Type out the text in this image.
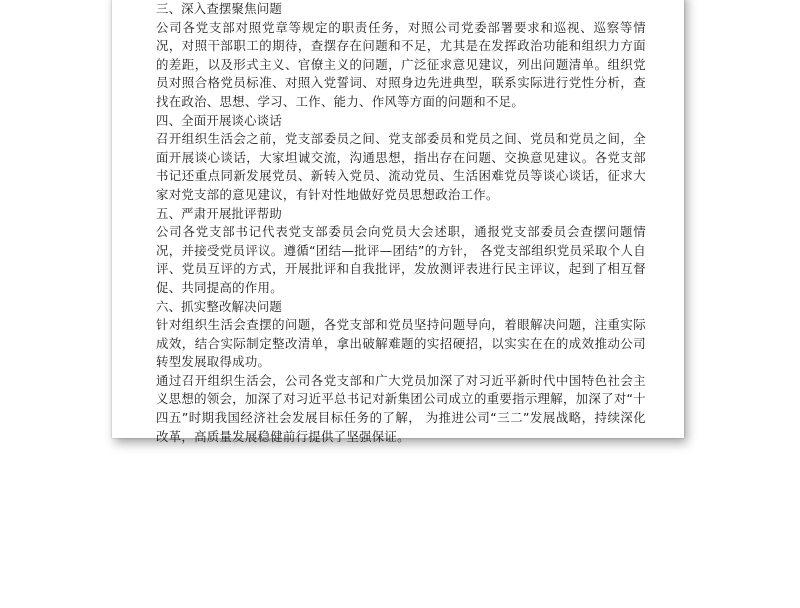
三、深入查摆聚焦问题

公司各党支部对照党章等规定的职责任务，对照公司党委部署要求和巡视、巡察等情况，对照干部职工的期待，查摆存在问题和不足，尤其是在发挥政治功能和组织力方面的差距，以及形式主义、官僚主义的问题，广泛征求意见建议，列出问题清单。组织党员对照合格党员标准、对照入党誓词、对照身边先进典型，联系实际进行党性分析，查找在政治、思想、学习、工作、能力、作风等方面的问题和不足。

四、全面开展谈心谈话

召开组织生活会之前，党支部委员之间、党支部委员和党员之间、党员和党员之间，全面开展谈心谈话，大家坦诚交流，沟通思想，指出存在问题、交换意见建议。各党支部书记还重点同新发展党员、新转入党员、流动党员、生活困难党员等谈心谈话，征求大家对党支部的意见建议，有针对性地做好党员思想政治工作。

五、严肃开展批评帮助

公司各党支部书记代表党支部委员会向党员大会述职，通报党支部委员会查摆问题情况，并接受党员评议。遵循“团结—批评—团结”的方针， 各党支部组织党员采取个人自评、党员互评的方式，开展批评和自我批评，发放测评表进行民主评议，起到了相互督促、共同提高的作用。

六、抓实整改解决问题

针对组织生活会查摆的问题，各党支部和党员坚持问题导向，着眼解决问题，注重实际成效，结合实际制定整改清单，拿出破解难题的实招硬招，以实实在在的成效推动公司转型发展取得成功。

通过召开组织生活会，公司各党支部和广大党员加深了对习近平新时代中国特色社会主义思想的领会，加深了对习近平总书记对新集团公司成立的重要指示理解，加深了对“十四五”时期我国经济社会发展目标任务的了解， 为推进公司“三二”发展战略，持续深化改革，高质量发展稳健前行提供了坚强保证。
